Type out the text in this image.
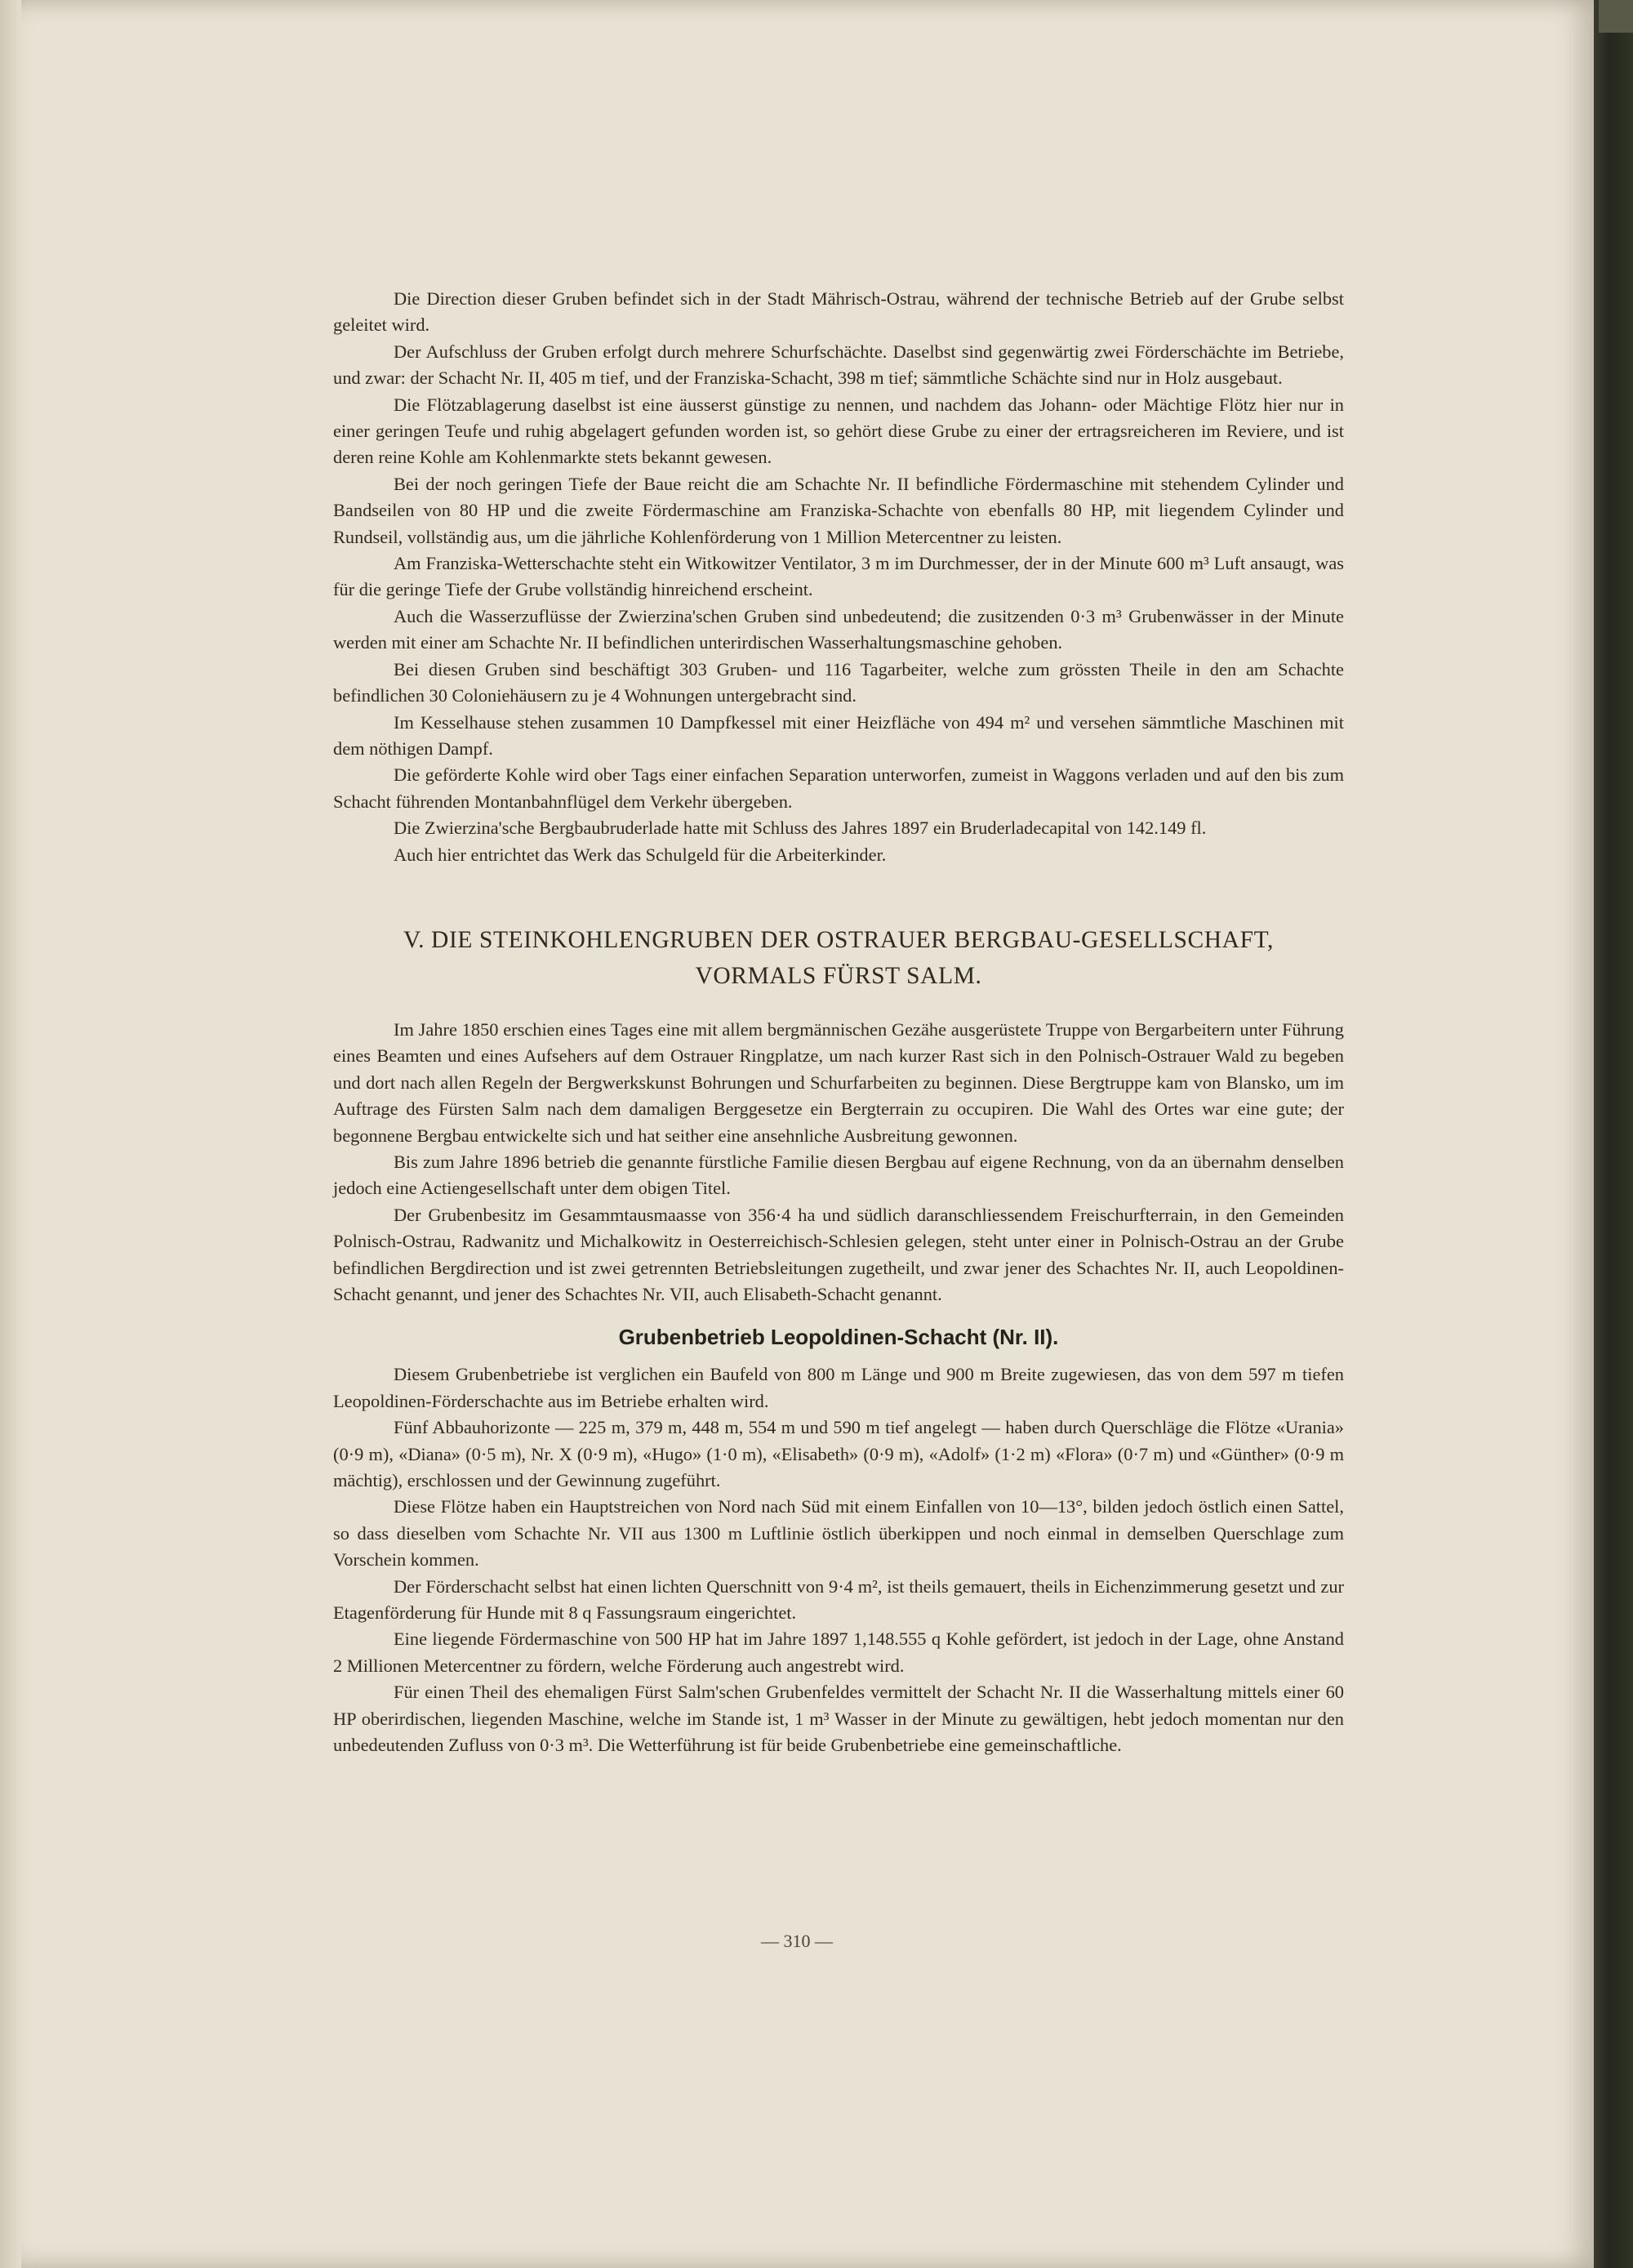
Die Direction dieser Gruben befindet sich in der Stadt Mährisch-Ostrau, während der technische Betrieb auf der Grube selbst geleitet wird.

Der Aufschluss der Gruben erfolgt durch mehrere Schurfschächte. Daselbst sind gegenwärtig zwei Förderschächte im Betriebe, und zwar: der Schacht Nr. II, 405 m tief, und der Franziska-Schacht, 398 m tief; sämmtliche Schächte sind nur in Holz ausgebaut.

Die Flötzablagerung daselbst ist eine äusserst günstige zu nennen, und nachdem das Johann- oder Mächtige Flötz hier nur in einer geringen Teufe und ruhig abgelagert gefunden worden ist, so gehört diese Grube zu einer der ertragsreicheren im Reviere, und ist deren reine Kohle am Kohlenmarkte stets bekannt gewesen.

Bei der noch geringen Tiefe der Baue reicht die am Schachte Nr. II befindliche Fördermaschine mit stehendem Cylinder und Bandseilen von 80 HP und die zweite Fördermaschine am Franziska-Schachte von ebenfalls 80 HP, mit liegendem Cylinder und Rundseil, vollständig aus, um die jährliche Kohlenförderung von 1 Million Metercentner zu leisten.

Am Franziska-Wetterschachte steht ein Witkowitzer Ventilator, 3 m im Durchmesser, der in der Minute 600 m³ Luft ansaugt, was für die geringe Tiefe der Grube vollständig hinreichend erscheint.

Auch die Wasserzuflüsse der Zwierzina'schen Gruben sind unbedeutend; die zusitzenden 0·3 m³ Grubenwässer in der Minute werden mit einer am Schachte Nr. II befindlichen unterirdischen Wasserhaltungsmaschine gehoben.

Bei diesen Gruben sind beschäftigt 303 Gruben- und 116 Tagarbeiter, welche zum grössten Theile in den am Schachte befindlichen 30 Coloniehäusern zu je 4 Wohnungen untergebracht sind.

Im Kesselhause stehen zusammen 10 Dampfkessel mit einer Heizfläche von 494 m² und versehen sämmtliche Maschinen mit dem nöthigen Dampf.

Die geförderte Kohle wird ober Tags einer einfachen Separation unterworfen, zumeist in Waggons verladen und auf den bis zum Schacht führenden Montanbahnflügel dem Verkehr übergeben.

Die Zwierzina'sche Bergbaubruderlade hatte mit Schluss des Jahres 1897 ein Bruderladecapital von 142.149 fl.

Auch hier entrichtet das Werk das Schulgeld für die Arbeiterkinder.

V. DIE STEINKOHLENGRUBEN DER OSTRAUER BERGBAU-GESELLSCHAFT,
VORMALS FÜRST SALM.

Im Jahre 1850 erschien eines Tages eine mit allem bergmännischen Gezähe ausgerüstete Truppe von Bergarbeitern unter Führung eines Beamten und eines Aufsehers auf dem Ostrauer Ringplatze, um nach kurzer Rast sich in den Polnisch-Ostrauer Wald zu begeben und dort nach allen Regeln der Bergwerkskunst Bohrungen und Schurfarbeiten zu beginnen. Diese Bergtruppe kam von Blansko, um im Auftrage des Fürsten Salm nach dem damaligen Berggesetze ein Bergterrain zu occupiren. Die Wahl des Ortes war eine gute; der begonnene Bergbau entwickelte sich und hat seither eine ansehnliche Ausbreitung gewonnen.

Bis zum Jahre 1896 betrieb die genannte fürstliche Familie diesen Bergbau auf eigene Rechnung, von da an übernahm denselben jedoch eine Actiengesellschaft unter dem obigen Titel.

Der Grubenbesitz im Gesammtausmaasse von 356·4 ha und südlich daranschliessendem Freischurfterrain, in den Gemeinden Polnisch-Ostrau, Radwanitz und Michalkowitz in Oesterreichisch-Schlesien gelegen, steht unter einer in Polnisch-Ostrau an der Grube befindlichen Bergdirection und ist zwei getrennten Betriebsleitungen zugetheilt, und zwar jener des Schachtes Nr. II, auch Leopoldinen-Schacht genannt, und jener des Schachtes Nr. VII, auch Elisabeth-Schacht genannt.

Grubenbetrieb Leopoldinen-Schacht (Nr. II).

Diesem Grubenbetriebe ist verglichen ein Baufeld von 800 m Länge und 900 m Breite zugewiesen, das von dem 597 m tiefen Leopoldinen-Förderschachte aus im Betriebe erhalten wird.

Fünf Abbauhorizonte — 225 m, 379 m, 448 m, 554 m und 590 m tief angelegt — haben durch Querschläge die Flötze «Urania» (0·9 m), «Diana» (0·5 m), Nr. X (0·9 m), «Hugo» (1·0 m), «Elisabeth» (0·9 m), «Adolf» (1·2 m) «Flora» (0·7 m) und «Günther» (0·9 m mächtig), erschlossen und der Gewinnung zugeführt.

Diese Flötze haben ein Hauptstreichen von Nord nach Süd mit einem Einfallen von 10—13°, bilden jedoch östlich einen Sattel, so dass dieselben vom Schachte Nr. VII aus 1300 m Luftlinie östlich überkippen und noch einmal in demselben Querschlage zum Vorschein kommen.

Der Förderschacht selbst hat einen lichten Querschnitt von 9·4 m², ist theils gemauert, theils in Eichenzimmerung gesetzt und zur Etagenförderung für Hunde mit 8 q Fassungsraum eingerichtet.

Eine liegende Fördermaschine von 500 HP hat im Jahre 1897 1,148.555 q Kohle gefördert, ist jedoch in der Lage, ohne Anstand 2 Millionen Metercentner zu fördern, welche Förderung auch angestrebt wird.

Für einen Theil des ehemaligen Fürst Salm'schen Grubenfeldes vermittelt der Schacht Nr. II die Wasserhaltung mittels einer 60 HP oberirdischen, liegenden Maschine, welche im Stande ist, 1 m³ Wasser in der Minute zu gewältigen, hebt jedoch momentan nur den unbedeutenden Zufluss von 0·3 m³. Die Wetterführung ist für beide Grubenbetriebe eine gemeinschaftliche.

— 310 —
